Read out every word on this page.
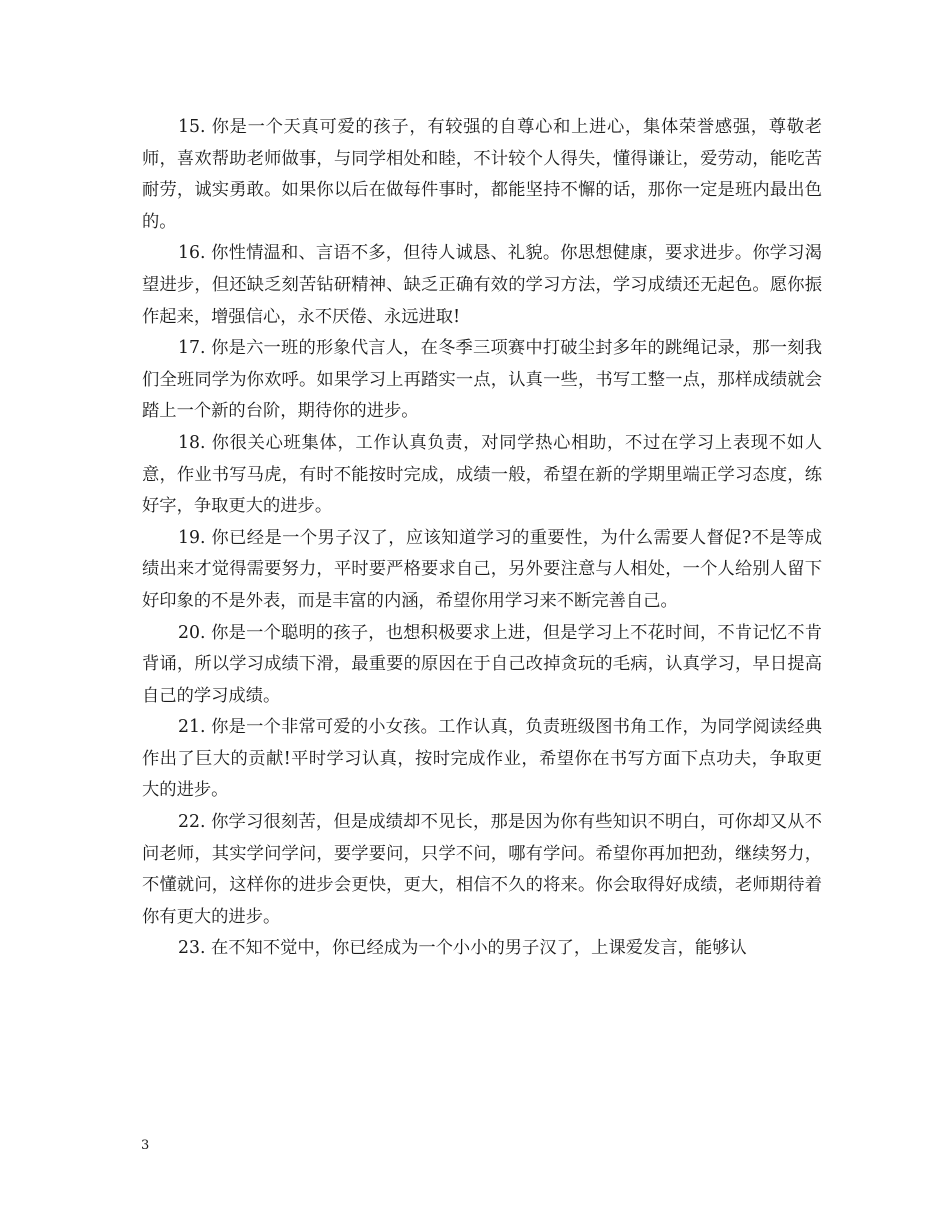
15. 你是一个天真可爱的孩子，有较强的自尊心和上进心，集体荣誉感强，尊敬老师，喜欢帮助老师做事，与同学相处和睦，不计较个人得失，懂得谦让，爱劳动，能吃苦耐劳，诚实勇敢。如果你以后在做每件事时，都能坚持不懈的话，那你一定是班内最出色的。

16. 你性情温和、言语不多，但待人诚恳、礼貌。你思想健康，要求进步。你学习渴望进步，但还缺乏刻苦钻研精神、缺乏正确有效的学习方法，学习成绩还无起色。愿你振作起来，增强信心，永不厌倦、永远进取!

17. 你是六一班的形象代言人，在冬季三项赛中打破尘封多年的跳绳记录，那一刻我们全班同学为你欢呼。如果学习上再踏实一点，认真一些，书写工整一点，那样成绩就会踏上一个新的台阶，期待你的进步。

18. 你很关心班集体，工作认真负责，对同学热心相助，不过在学习上表现不如人意，作业书写马虎，有时不能按时完成，成绩一般，希望在新的学期里端正学习态度，练好字，争取更大的进步。

19. 你已经是一个男子汉了，应该知道学习的重要性，为什么需要人督促?不是等成绩出来才觉得需要努力，平时要严格要求自己，另外要注意与人相处，一个人给别人留下好印象的不是外表，而是丰富的内涵，希望你用学习来不断完善自己。

20. 你是一个聪明的孩子，也想积极要求上进，但是学习上不花时间，不肯记忆不肯背诵，所以学习成绩下滑，最重要的原因在于自己改掉贪玩的毛病，认真学习，早日提高自己的学习成绩。

21. 你是一个非常可爱的小女孩。工作认真，负责班级图书角工作，为同学阅读经典作出了巨大的贡献!平时学习认真，按时完成作业，希望你在书写方面下点功夫，争取更大的进步。

22. 你学习很刻苦，但是成绩却不见长，那是因为你有些知识不明白，可你却又从不问老师，其实学问学问，要学要问，只学不问，哪有学问。希望你再加把劲，继续努力，不懂就问，这样你的进步会更快，更大，相信不久的将来。你会取得好成绩，老师期待着你有更大的进步。

23. 在不知不觉中，你已经成为一个小小的男子汉了，上课爱发言，能够认

3
